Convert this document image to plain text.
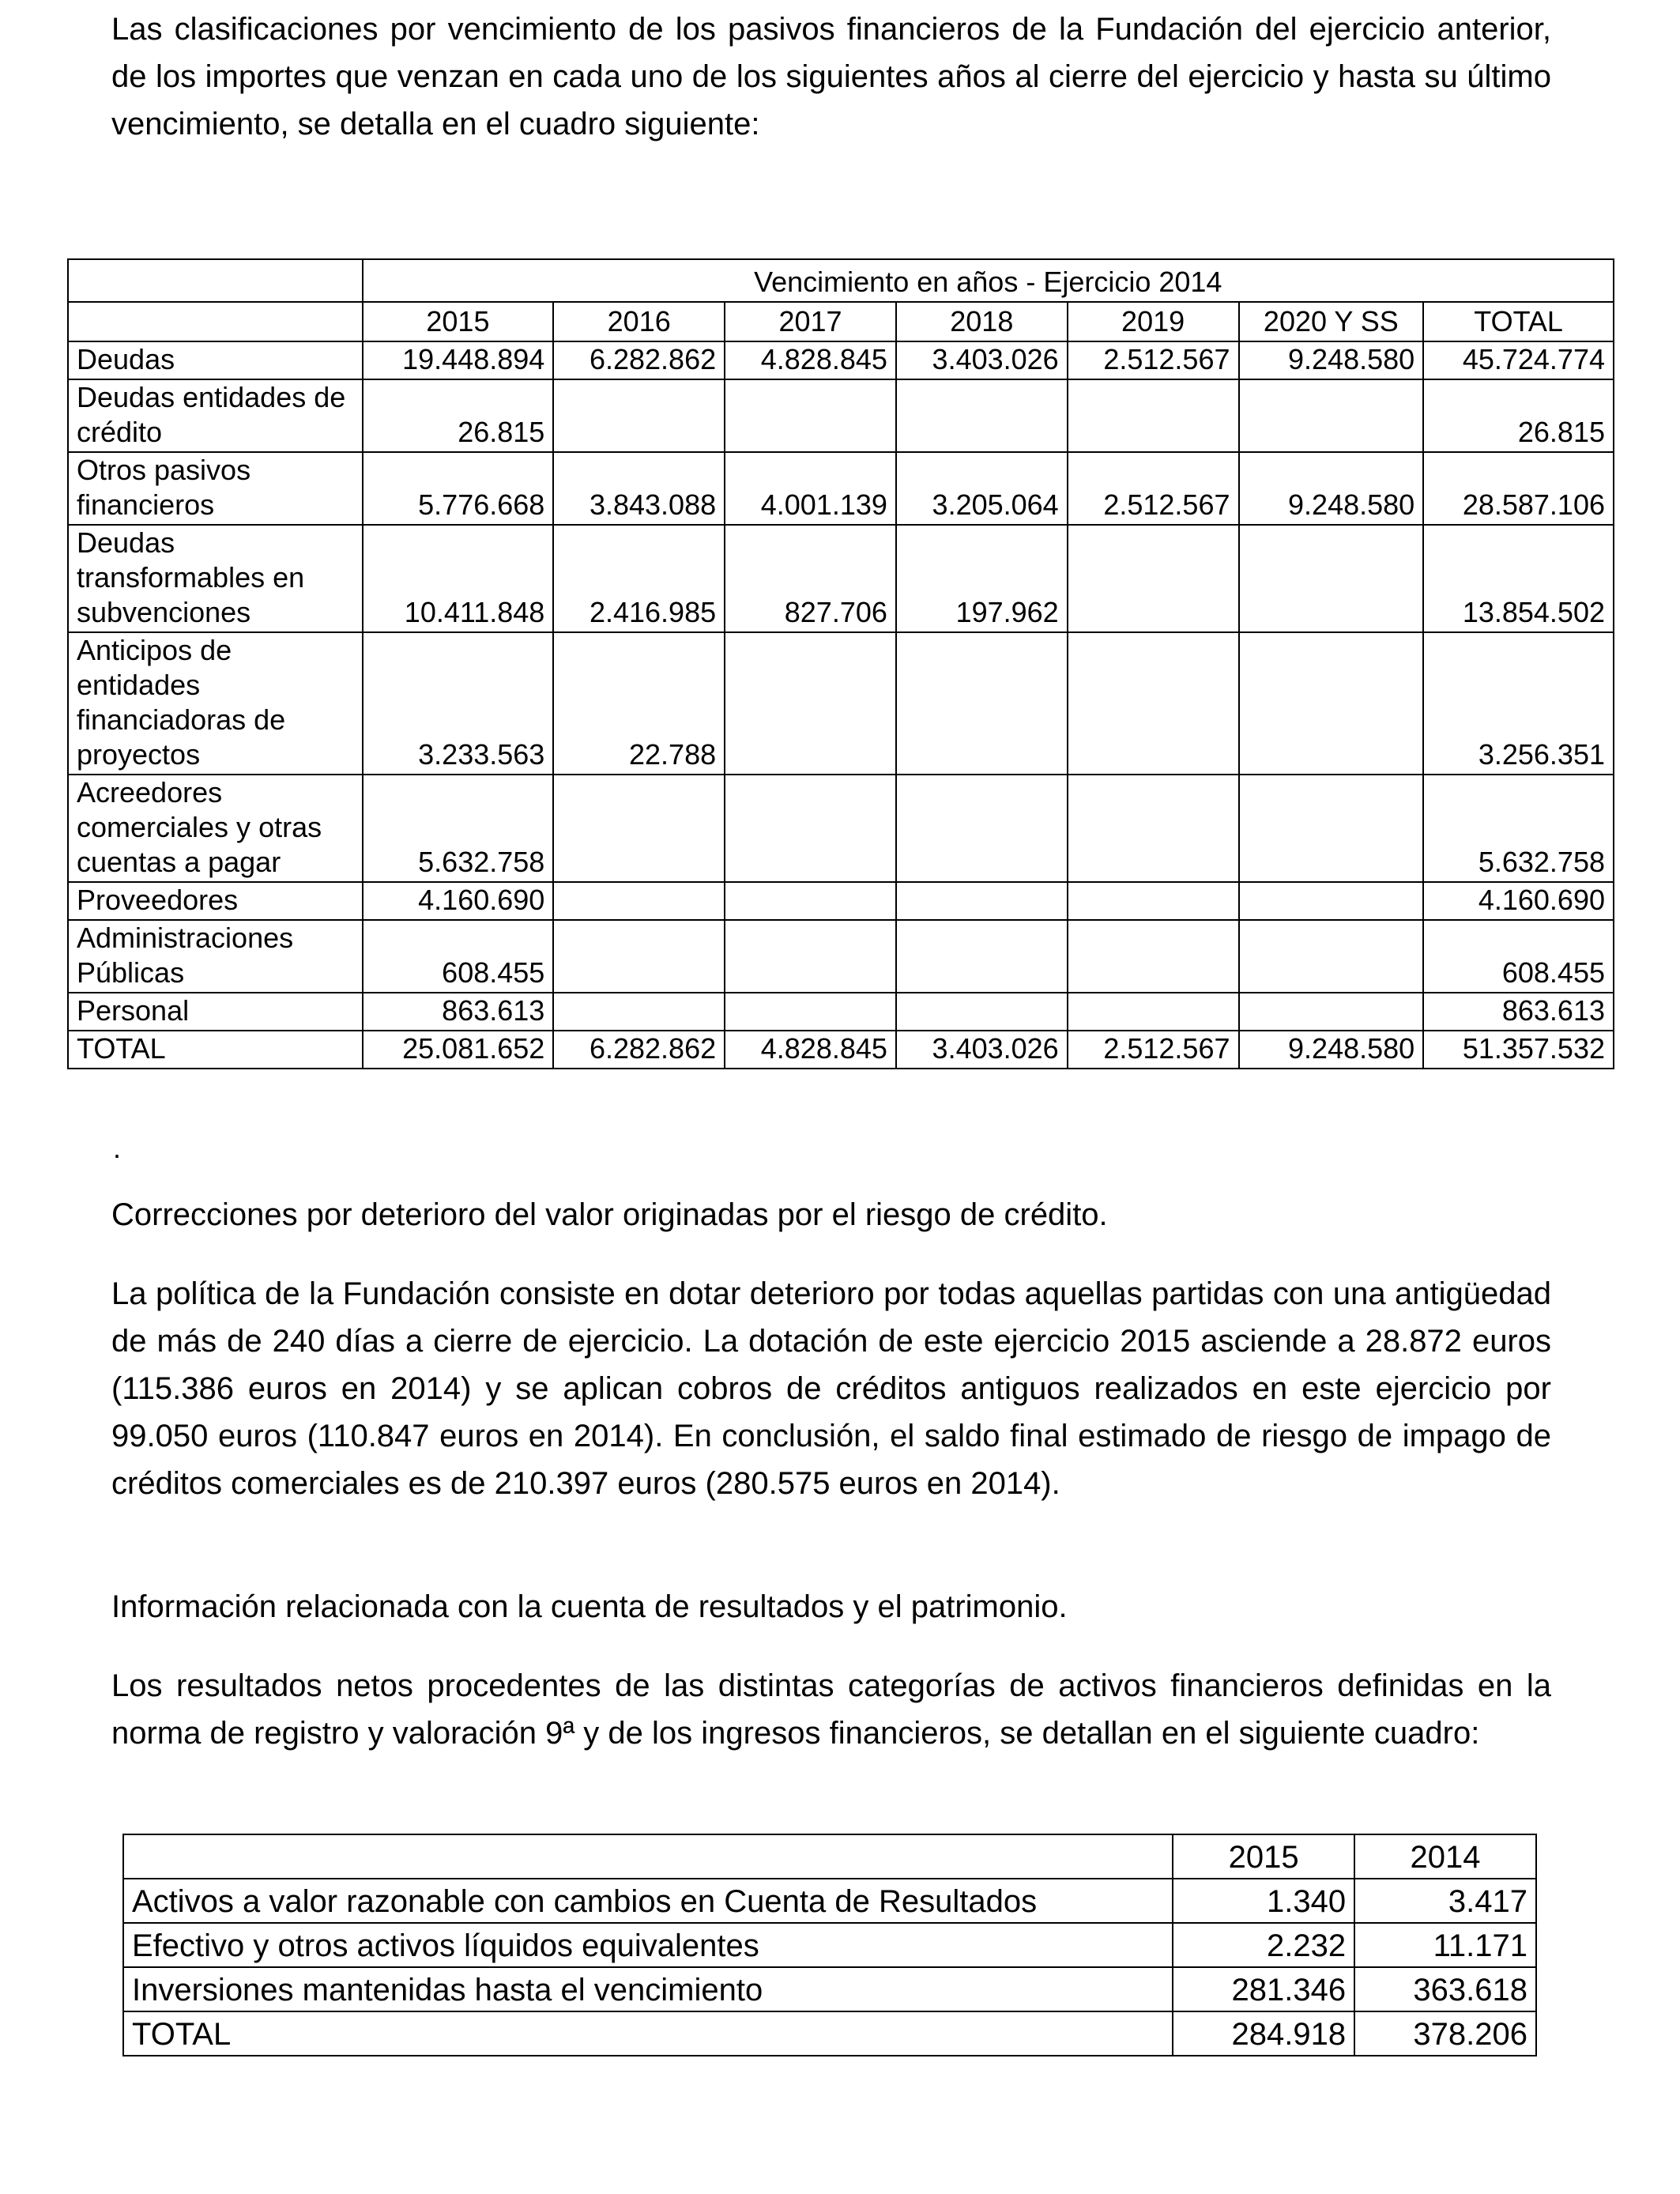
Las clasificaciones por vencimiento de los pasivos financieros de la Fundación del ejercicio anterior, de los importes que venzan en cada uno de los siguientes años al cierre del ejercicio y hasta su último vencimiento, se detalla en el cuadro siguiente:

	Vencimiento en años - Ejercicio 2014						
	2015	2016	2017	2018	2019	2020 Y SS	TOTAL
Deudas	19.448.894	6.282.862	4.828.845	3.403.026	2.512.567	9.248.580	45.724.774
Deudas entidades de crédito	26.815						26.815
Otros pasivos financieros	5.776.668	3.843.088	4.001.139	3.205.064	2.512.567	9.248.580	28.587.106
Deudas transformables en subvenciones	10.411.848	2.416.985	827.706	197.962			13.854.502
Anticipos de entidades financiadoras de proyectos	3.233.563	22.788					3.256.351
Acreedores comerciales y otras cuentas a pagar	5.632.758						5.632.758
Proveedores	4.160.690						4.160.690
Administraciones Públicas	608.455						608.455
Personal	863.613						863.613
TOTAL	25.081.652	6.282.862	4.828.845	3.403.026	2.512.567	9.248.580	51.357.532
.

Correcciones por deterioro del valor originadas por el riesgo de crédito.

La política de la Fundación consiste en dotar deterioro por todas aquellas partidas con una antigüedad de más de 240 días a cierre de ejercicio. La dotación de este ejercicio 2015 asciende a 28.872 euros (115.386 euros en 2014) y se aplican cobros de créditos antiguos realizados en este ejercicio por 99.050 euros (110.847 euros en 2014). En conclusión, el saldo final estimado de riesgo de impago de créditos comerciales es de 210.397 euros (280.575 euros en 2014).

Información relacionada con la cuenta de resultados y el patrimonio.

Los resultados netos procedentes de las distintas categorías de activos financieros definidas en la norma de registro y valoración 9ª y de los ingresos financieros, se detallan en el siguiente cuadro:

	2015	2014
Activos a valor razonable con cambios en Cuenta de Resultados	1.340	3.417
Efectivo y otros activos líquidos equivalentes	2.232	11.171
Inversiones mantenidas hasta el vencimiento	281.346	363.618
TOTAL	284.918	378.206
